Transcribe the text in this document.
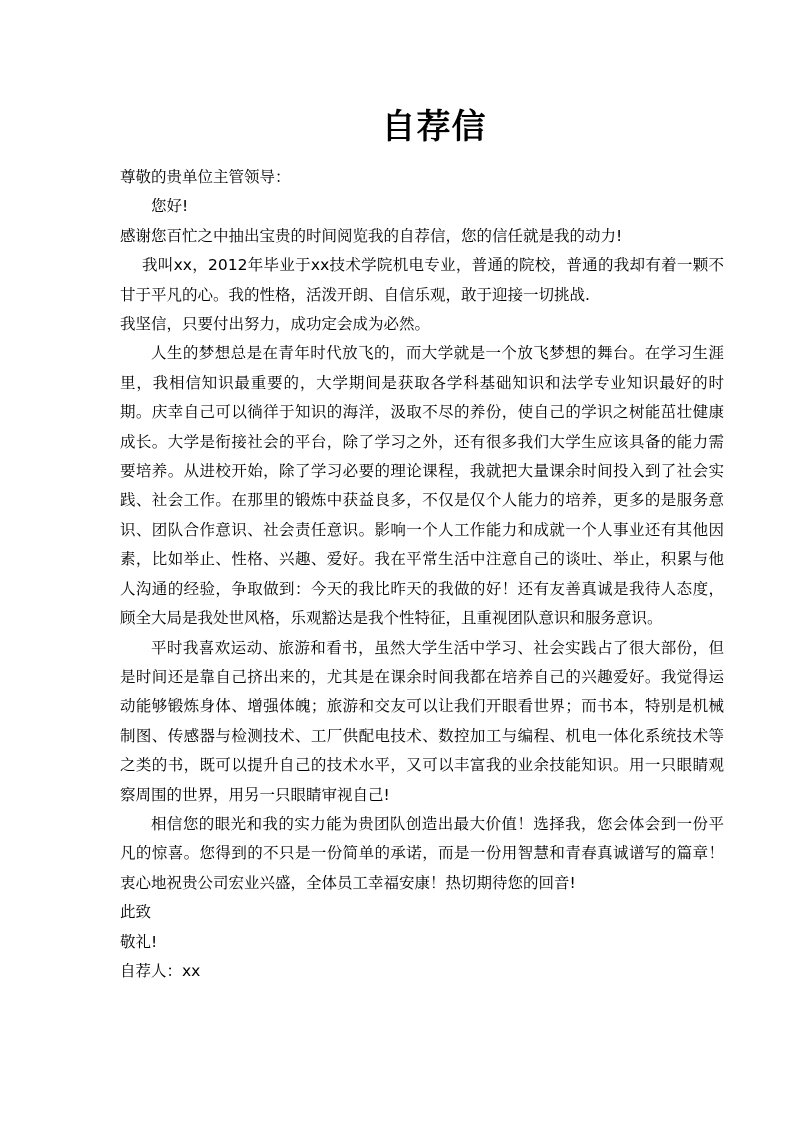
自荐信

尊敬的贵单位主管领导：

您好!

感谢您百忙之中抽出宝贵的时间阅览我的自荐信，您的信任就是我的动力!

我叫xx，2012年毕业于xx技术学院机电专业，普通的院校，普通的我却有着一颗不甘于平凡的心。我的性格，活泼开朗、自信乐观，敢于迎接一切挑战.

我坚信，只要付出努力，成功定会成为必然。

人生的梦想总是在青年时代放飞的，而大学就是一个放飞梦想的舞台。在学习生涯里，我相信知识最重要的，大学期间是获取各学科基础知识和法学专业知识最好的时期。庆幸自己可以徜徉于知识的海洋，汲取不尽的养份，使自己的学识之树能茁壮健康成长。大学是衔接社会的平台，除了学习之外，还有很多我们大学生应该具备的能力需要培养。从进校开始，除了学习必要的理论课程，我就把大量课余时间投入到了社会实践、社会工作。在那里的锻炼中获益良多，不仅是仅个人能力的培养，更多的是服务意识、团队合作意识、社会责任意识。影响一个人工作能力和成就一个人事业还有其他因素，比如举止、性格、兴趣、爱好。我在平常生活中注意自己的谈吐、举止，积累与他人沟通的经验，争取做到：今天的我比昨天的我做的好！还有友善真诚是我待人态度，顾全大局是我处世风格，乐观豁达是我个性特征，且重视团队意识和服务意识。

平时我喜欢运动、旅游和看书，虽然大学生活中学习、社会实践占了很大部份，但是时间还是靠自己挤出来的，尤其是在课余时间我都在培养自己的兴趣爱好。我觉得运动能够锻炼身体、增强体魄；旅游和交友可以让我们开眼看世界；而书本，特别是机械制图、传感器与检测技术、工厂供配电技术、数控加工与编程、机电一体化系统技术等之类的书，既可以提升自己的技术水平，又可以丰富我的业余技能知识。用一只眼睛观察周围的世界，用另一只眼睛审视自己!

相信您的眼光和我的实力能为贵团队创造出最大价值！选择我，您会体会到一份平凡的惊喜。您得到的不只是一份简单的承诺，而是一份用智慧和青春真诚谱写的篇章！衷心地祝贵公司宏业兴盛，全体员工幸福安康！热切期待您的回音!

此致

敬礼!

自荐人：xx
